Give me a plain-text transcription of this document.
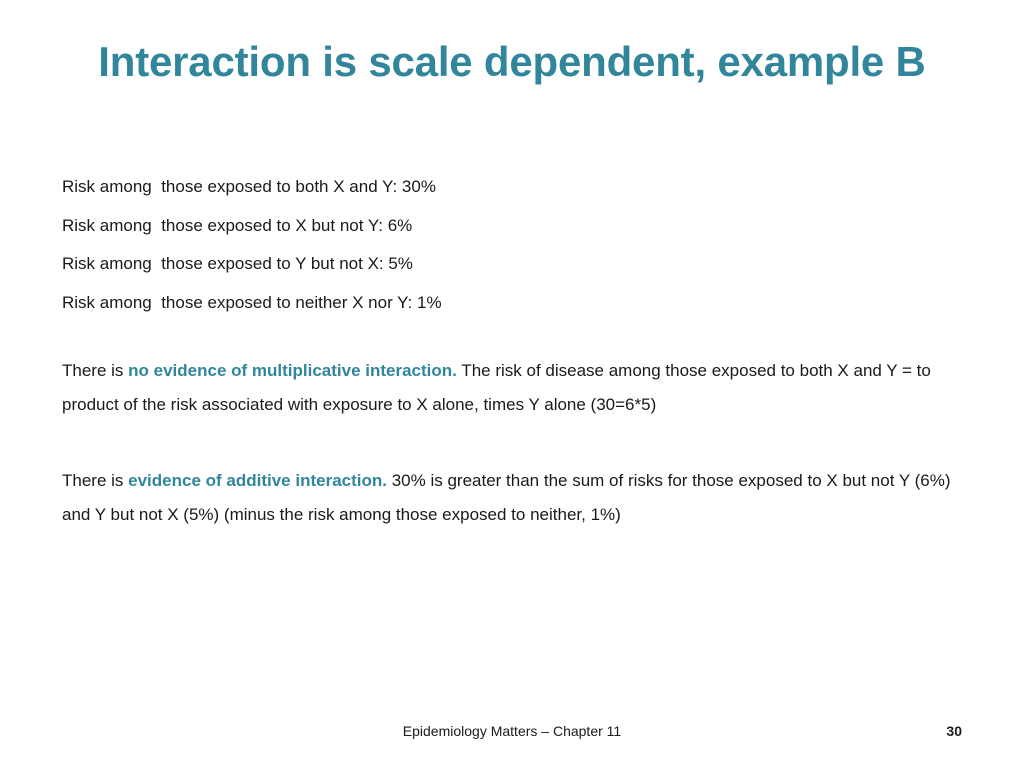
Interaction is scale dependent, example B
Risk among  those exposed to both X and Y: 30%
Risk among  those exposed to X but not Y: 6%
Risk among  those exposed to Y but not X: 5%
Risk among  those exposed to neither X nor Y: 1%

There is no evidence of multiplicative interaction. The risk of disease among those exposed to both X and Y = to product of the risk associated with exposure to X alone, times Y alone (30=6*5)

There is evidence of additive interaction. 30% is greater than the sum of risks for those exposed to X but not Y (6%) and Y but not X (5%) (minus the risk among those exposed to neither, 1%)

Epidemiology Matters – Chapter 11	30
